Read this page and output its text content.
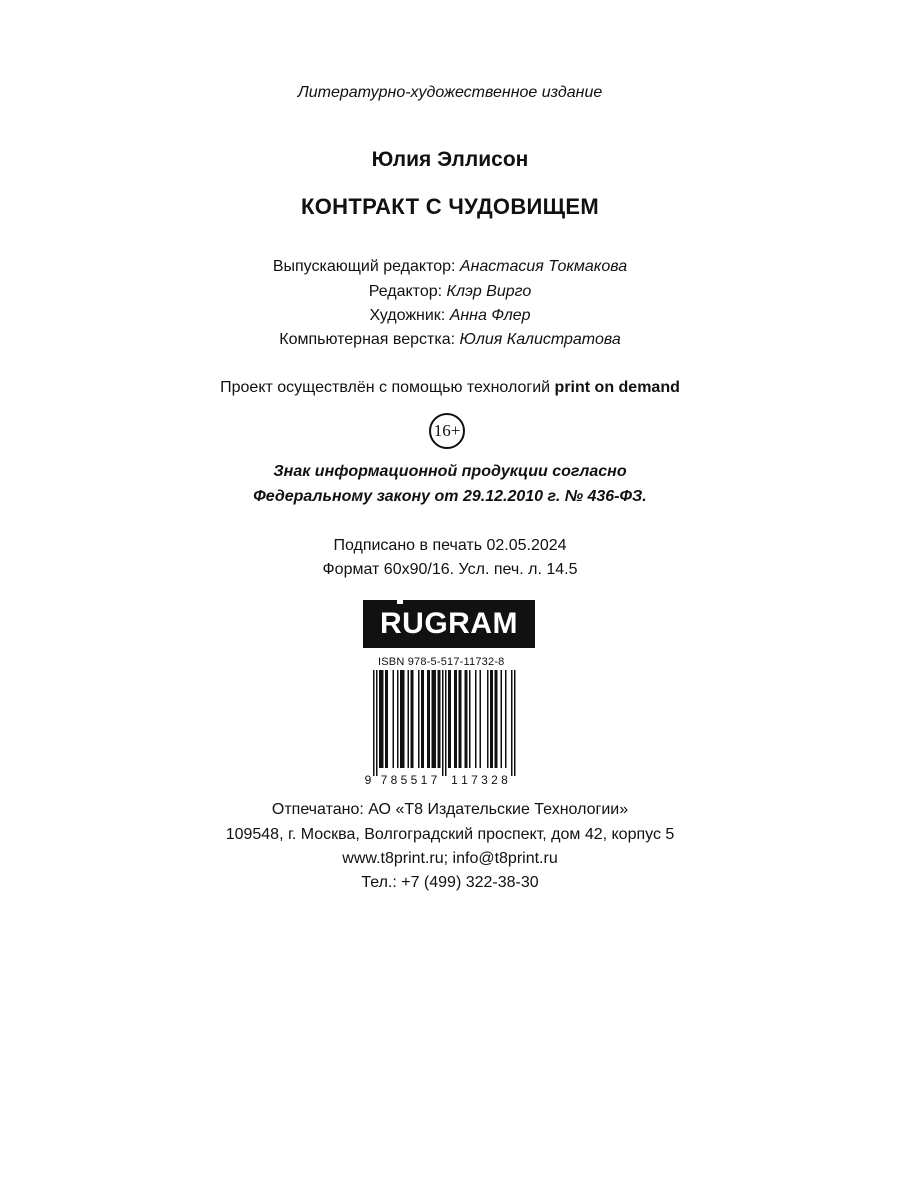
Литературно-художественное издание
Юлия Эллисон
КОНТРАКТ С ЧУДОВИЩЕМ
Выпускающий редактор: Анастасия Токмакова
Редактор: Клэр Вирго
Художник: Анна Флер
Компьютерная верстка: Юлия Калистратова
Проект осуществлён с помощью технологий print on demand
16+
Знак информационной продукции согласно
Федеральному закону от 29.12.2010 г. № 436-ФЗ.
Подписано в печать 02.05.2024
Формат 60x90/16. Усл. печ. л. 14.5
RUGRAM
ISBN 978-5-517-11732-8
9 7 8 5 5 1 7 1 1 7 3 2 8
Отпечатано: АО «Т8 Издательские Технологии»
109548, г. Москва, Волгоградский проспект, дом 42, корпус 5
www.t8print.ru; info@t8print.ru
Тел.: +7 (499) 322-38-30
